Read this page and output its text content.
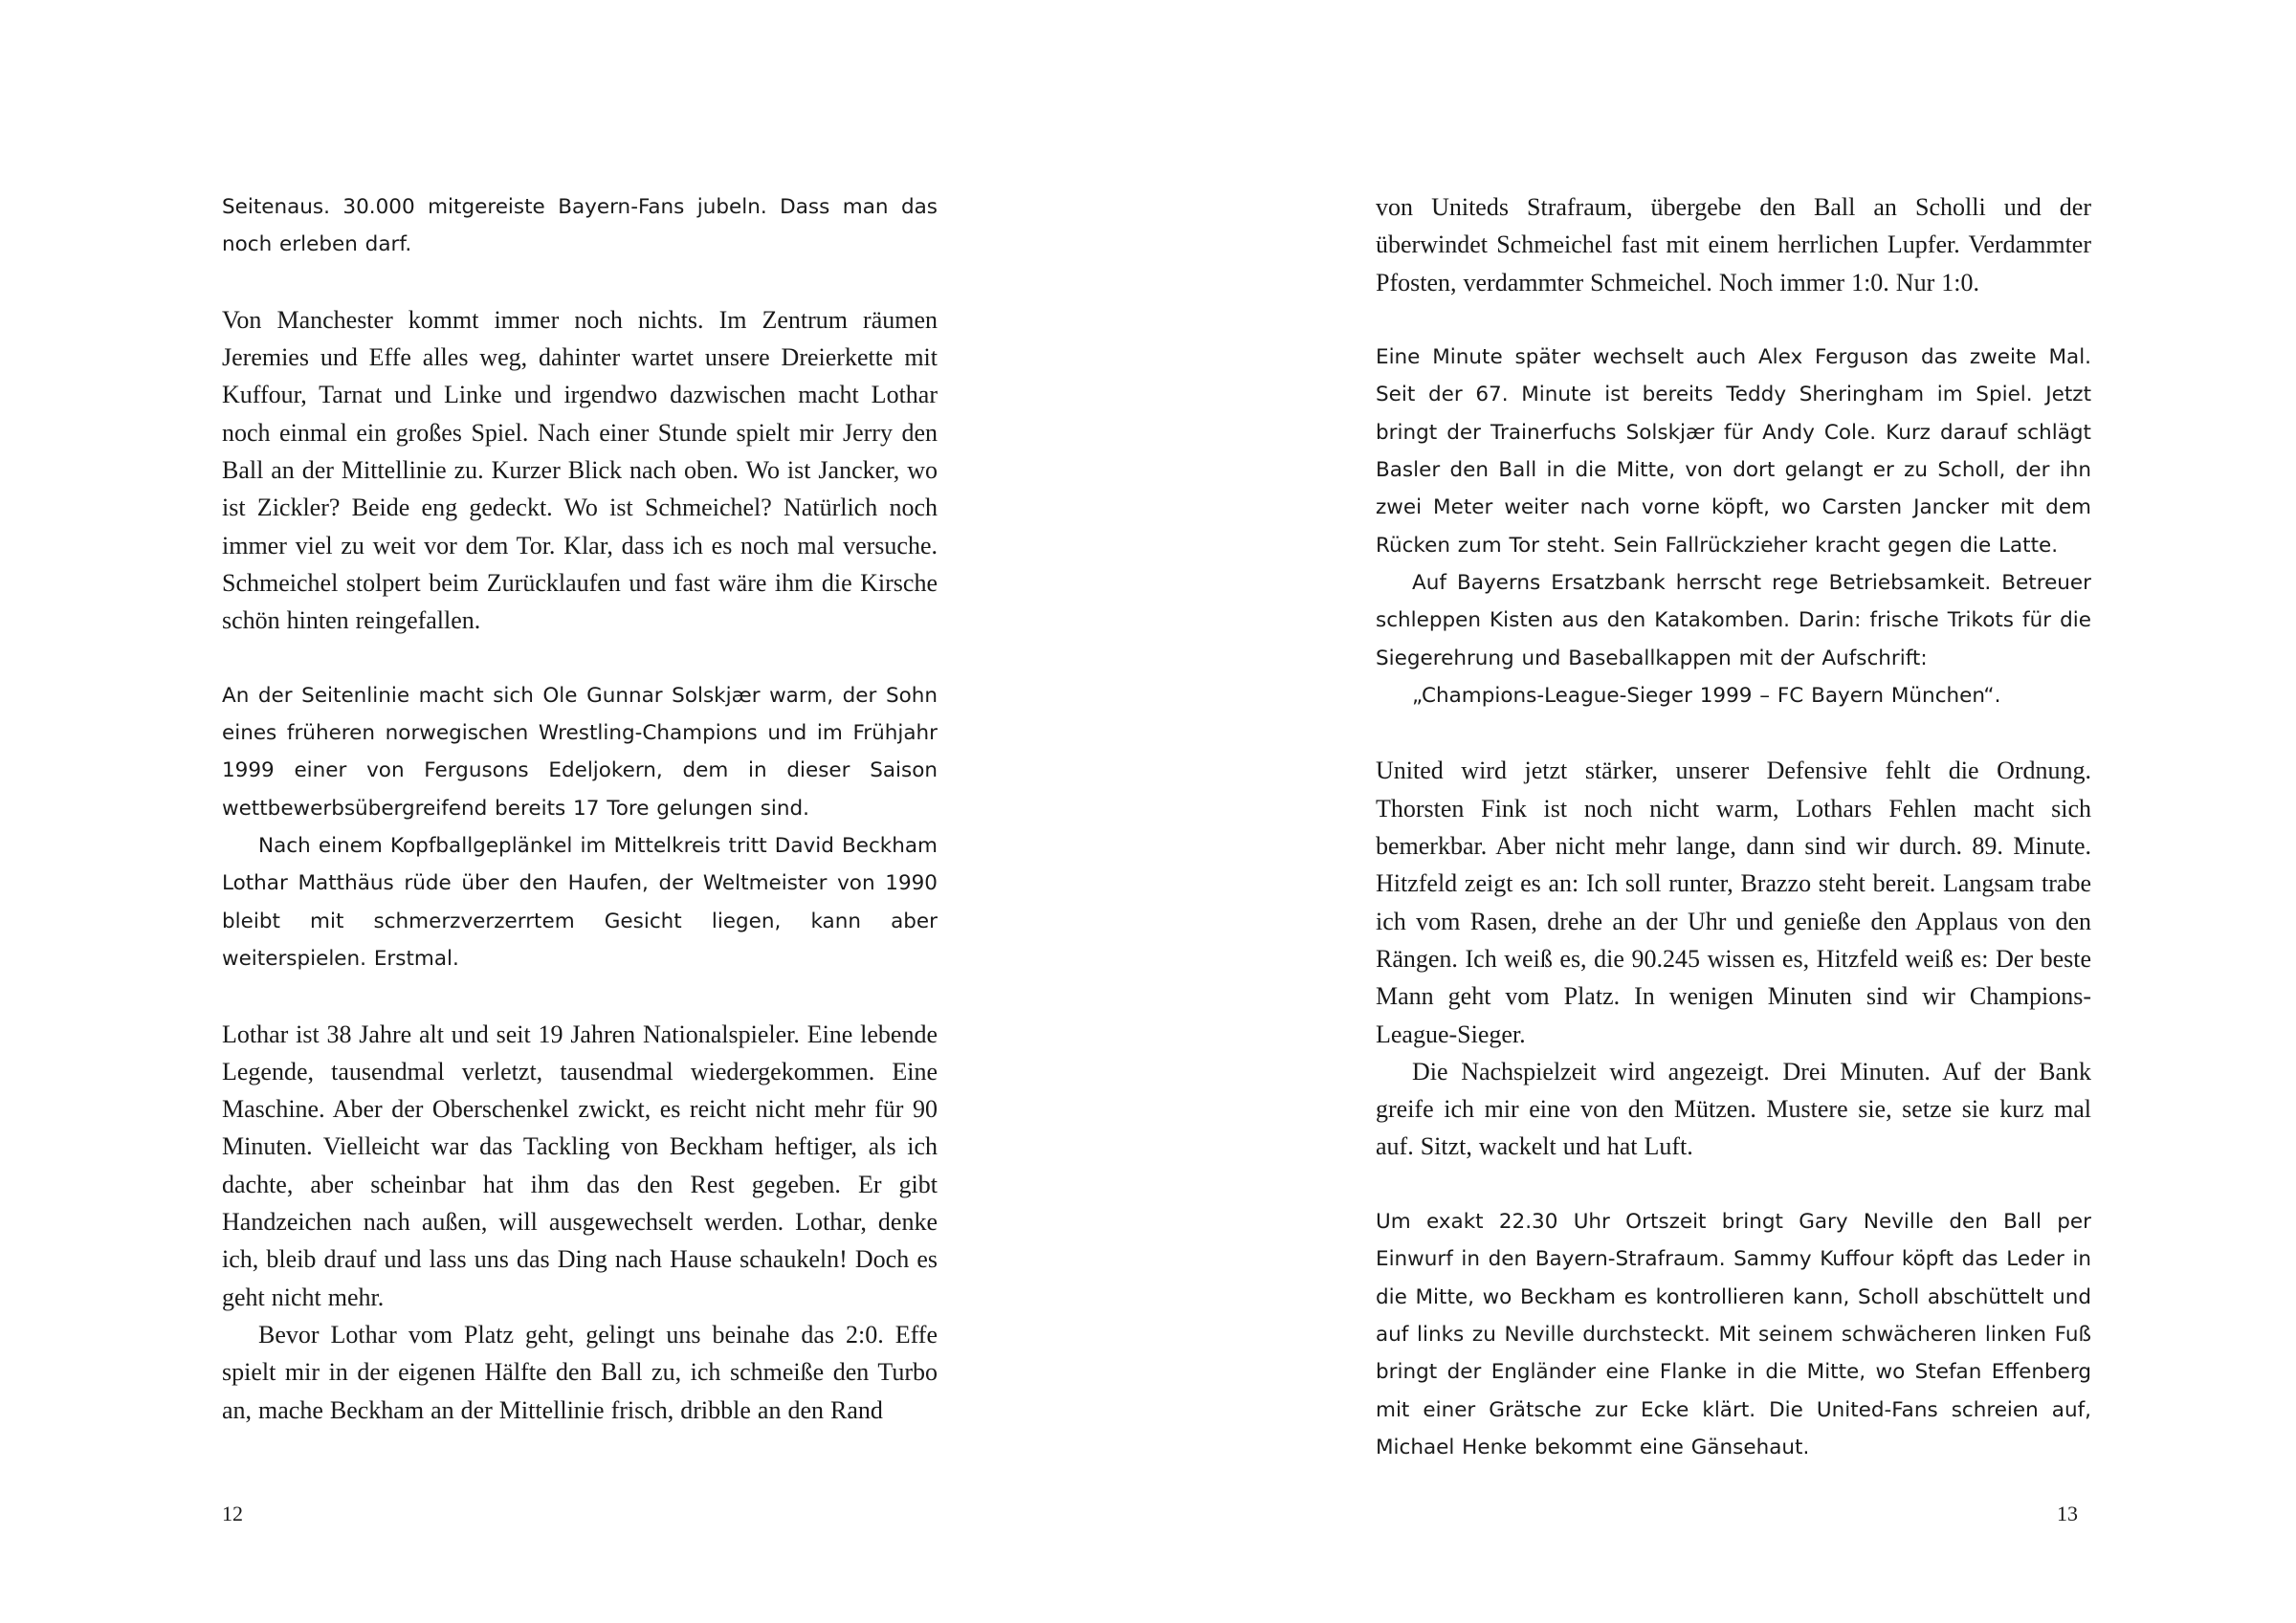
Seitenaus. 30.000 mitgereiste Bayern-Fans jubeln. Dass man das noch erleben darf.

Von Manchester kommt immer noch nichts. Im Zentrum räumen Jeremies und Effe alles weg, dahinter wartet unsere Dreierkette mit Kuffour, Tarnat und Linke und irgendwo dazwischen macht Lothar noch einmal ein großes Spiel. Nach einer Stunde spielt mir Jerry den Ball an der Mittellinie zu. Kurzer Blick nach oben. Wo ist Jancker, wo ist Zickler? Beide eng gedeckt. Wo ist Schmeichel? Natürlich noch immer viel zu weit vor dem Tor. Klar, dass ich es noch mal versuche. Schmeichel stolpert beim Zurücklaufen und fast wäre ihm die Kirsche schön hinten reingefallen.

An der Seitenlinie macht sich Ole Gunnar Solskjær warm, der Sohn eines früheren norwegischen Wrestling-Champions und im Frühjahr 1999 einer von Fergusons Edeljokern, dem in dieser Saison wettbewerbsübergreifend bereits 17 Tore gelungen sind.

Nach einem Kopfballgeplänkel im Mittelkreis tritt David Beckham Lothar Matthäus rüde über den Haufen, der Weltmeister von 1990 bleibt mit schmerzverzerrtem Gesicht liegen, kann aber weiterspielen. Erstmal.

Lothar ist 38 Jahre alt und seit 19 Jahren Nationalspieler. Eine lebende Legende, tausendmal verletzt, tausendmal wiedergekommen. Eine Maschine. Aber der Oberschenkel zwickt, es reicht nicht mehr für 90 Minuten. Vielleicht war das Tackling von Beckham heftiger, als ich dachte, aber scheinbar hat ihm das den Rest gegeben. Er gibt Handzeichen nach außen, will ausgewechselt werden. Lothar, denke ich, bleib drauf und lass uns das Ding nach Hause schaukeln! Doch es geht nicht mehr.

Bevor Lothar vom Platz geht, gelingt uns beinahe das 2:0. Effe spielt mir in der eigenen Hälfte den Ball zu, ich schmeiße den Turbo an, mache Beckham an der Mittellinie frisch, dribble an den Rand

von Uniteds Strafraum, übergebe den Ball an Scholli und der überwindet Schmeichel fast mit einem herrlichen Lupfer. Verdammter Pfosten, verdammter Schmeichel. Noch immer 1:0. Nur 1:0.

Eine Minute später wechselt auch Alex Ferguson das zweite Mal. Seit der 67. Minute ist bereits Teddy Sheringham im Spiel. Jetzt bringt der Trainerfuchs Solskjær für Andy Cole. Kurz darauf schlägt Basler den Ball in die Mitte, von dort gelangt er zu Scholl, der ihn zwei Meter weiter nach vorne köpft, wo Carsten Jancker mit dem Rücken zum Tor steht. Sein Fallrückzieher kracht gegen die Latte.

Auf Bayerns Ersatzbank herrscht rege Betriebsamkeit. Betreuer schleppen Kisten aus den Katakomben. Darin: frische Trikots für die Siegerehrung und Baseballkappen mit der Aufschrift:

„Champions-League-Sieger 1999 – FC Bayern München“.

United wird jetzt stärker, unserer Defensive fehlt die Ordnung. Thorsten Fink ist noch nicht warm, Lothars Fehlen macht sich bemerkbar. Aber nicht mehr lange, dann sind wir durch. 89. Minute. Hitzfeld zeigt es an: Ich soll runter, Brazzo steht bereit. Langsam trabe ich vom Rasen, drehe an der Uhr und genieße den Applaus von den Rängen. Ich weiß es, die 90.245 wissen es, Hitzfeld weiß es: Der beste Mann geht vom Platz. In wenigen Minuten sind wir Champions-League-Sieger.

Die Nachspielzeit wird angezeigt. Drei Minuten. Auf der Bank greife ich mir eine von den Mützen. Mustere sie, setze sie kurz mal auf. Sitzt, wackelt und hat Luft.

Um exakt 22.30 Uhr Ortszeit bringt Gary Neville den Ball per Einwurf in den Bayern-Strafraum. Sammy Kuffour köpft das Leder in die Mitte, wo Beckham es kontrollieren kann, Scholl abschüttelt und auf links zu Neville durchsteckt. Mit seinem schwächeren linken Fuß bringt der Engländer eine Flanke in die Mitte, wo Stefan Effenberg mit einer Grätsche zur Ecke klärt. Die United-Fans schreien auf, Michael Henke bekommt eine Gänsehaut.

12	13
